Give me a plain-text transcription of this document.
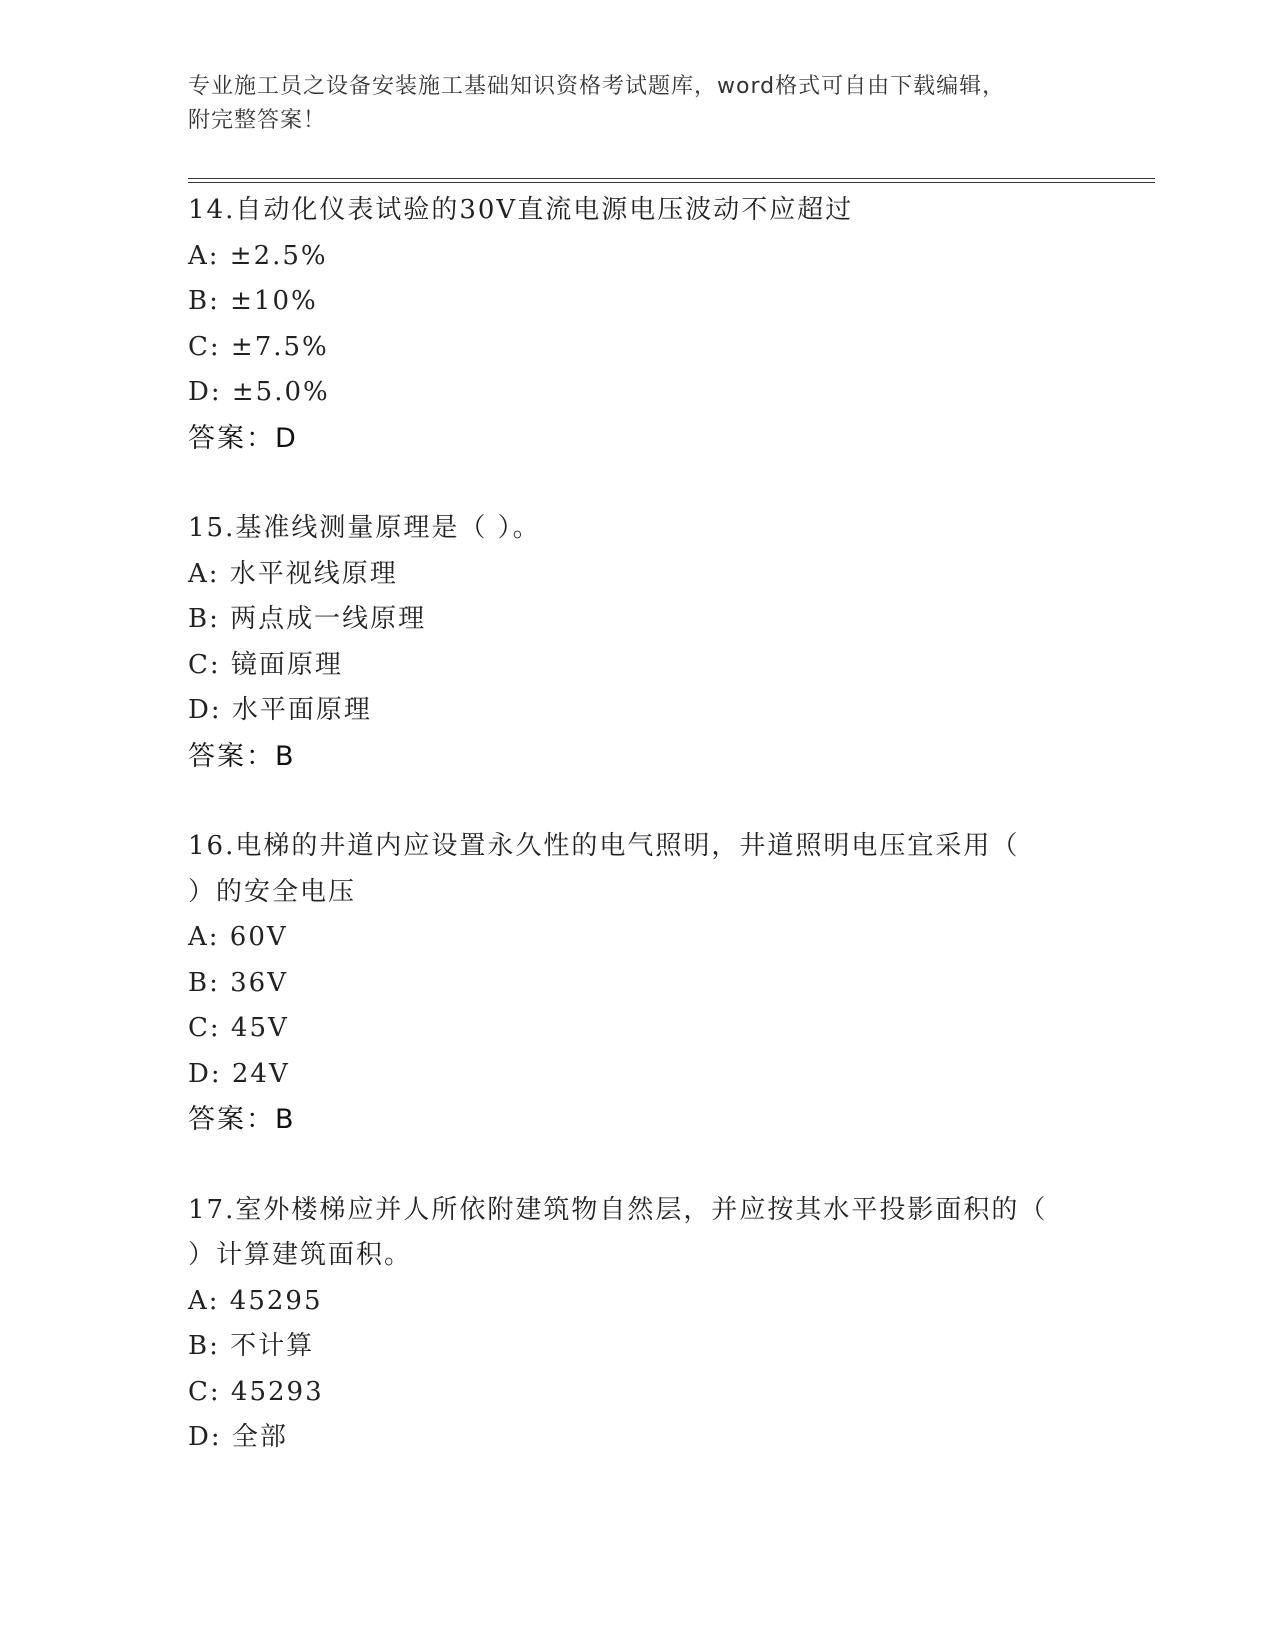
专业施工员之设备安装施工基础知识资格考试题库，word格式可自由下载编辑，
附完整答案！
14.自动化仪表试验的30V直流电源电压波动不应超过
A: ±2.5%
B: ±10%
C: ±7.5%
D: ±5.0%
答案：D
15.基准线测量原理是（ ）。
A: 水平视线原理
B: 两点成一线原理
C: 镜面原理
D: 水平面原理
答案：B
16.电梯的井道内应设置永久性的电气照明，井道照明电压宜采用（
）的安全电压
A: 60V
B: 36V
C: 45V
D: 24V
答案：B
17.室外楼梯应并人所依附建筑物自然层，并应按其水平投影面积的（
）计算建筑面积。
A: 45295
B: 不计算
C: 45293
D: 全部
